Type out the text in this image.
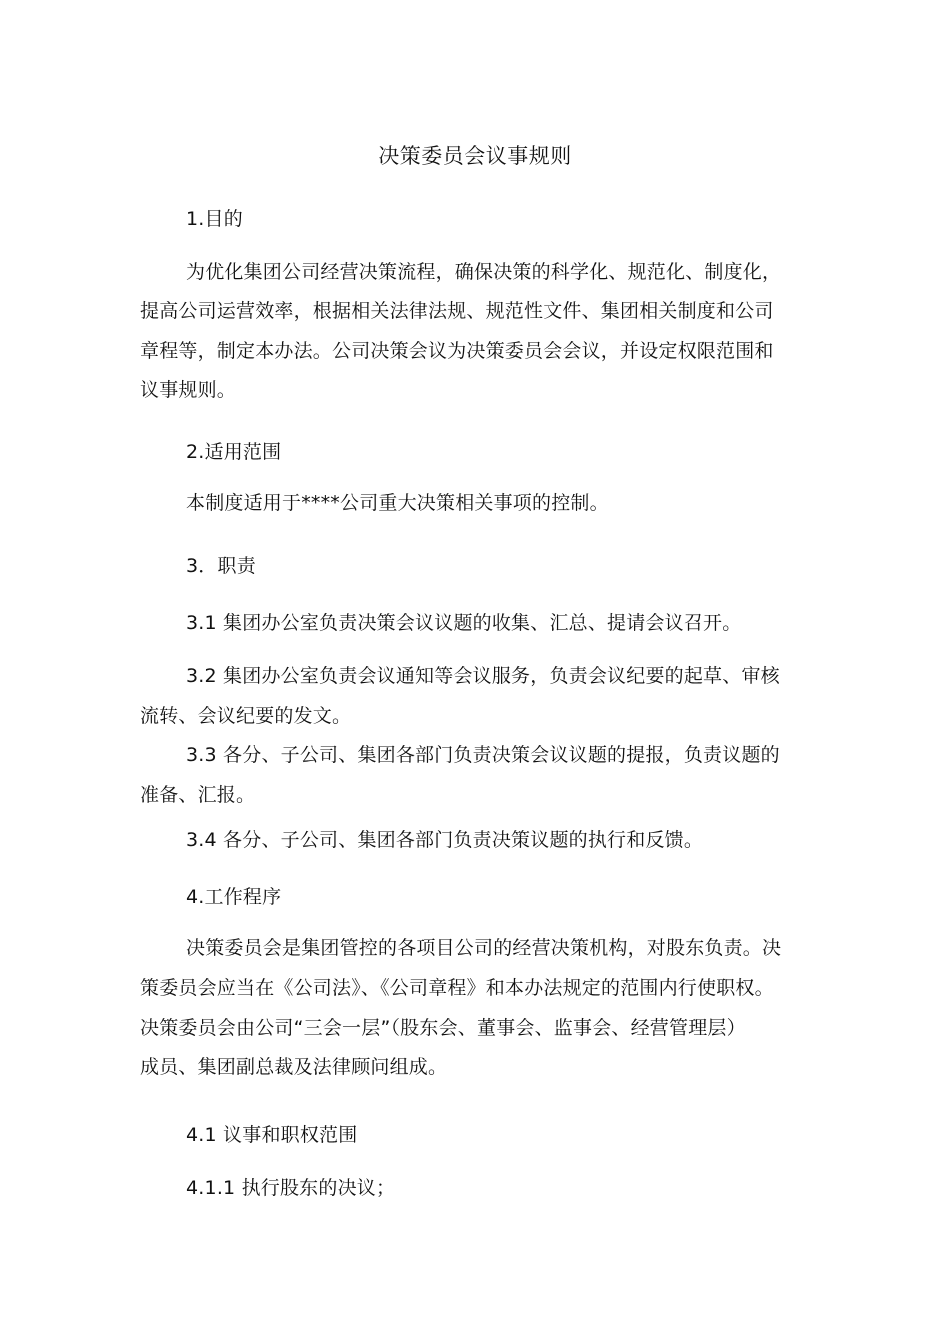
决策委员会议事规则
1.目的
为优化集团公司经营决策流程，确保决策的科学化、规范化、制度化，
提高公司运营效率，根据相关法律法规、规范性文件、集团相关制度和公司
章程等，制定本办法。公司决策会议为决策委员会会议，并设定权限范围和
议事规则。
2.适用范围
本制度适用于****公司重大决策相关事项的控制。
3．职责
3.1 集团办公室负责决策会议议题的收集、汇总、提请会议召开。
3.2 集团办公室负责会议通知等会议服务，负责会议纪要的起草、审核
流转、会议纪要的发文。
3.3 各分、子公司、集团各部门负责决策会议议题的提报，负责议题的
准备、汇报。
3.4 各分、子公司、集团各部门负责决策议题的执行和反馈。
4.工作程序
决策委员会是集团管控的各项目公司的经营决策机构，对股东负责。决
策委员会应当在《公司法》、《公司章程》和本办法规定的范围内行使职权。
决策委员会由公司“三会一层”（股东会、董事会、监事会、经营管理层）
成员、集团副总裁及法律顾问组成。
4.1 议事和职权范围
4.1.1 执行股东的决议；
